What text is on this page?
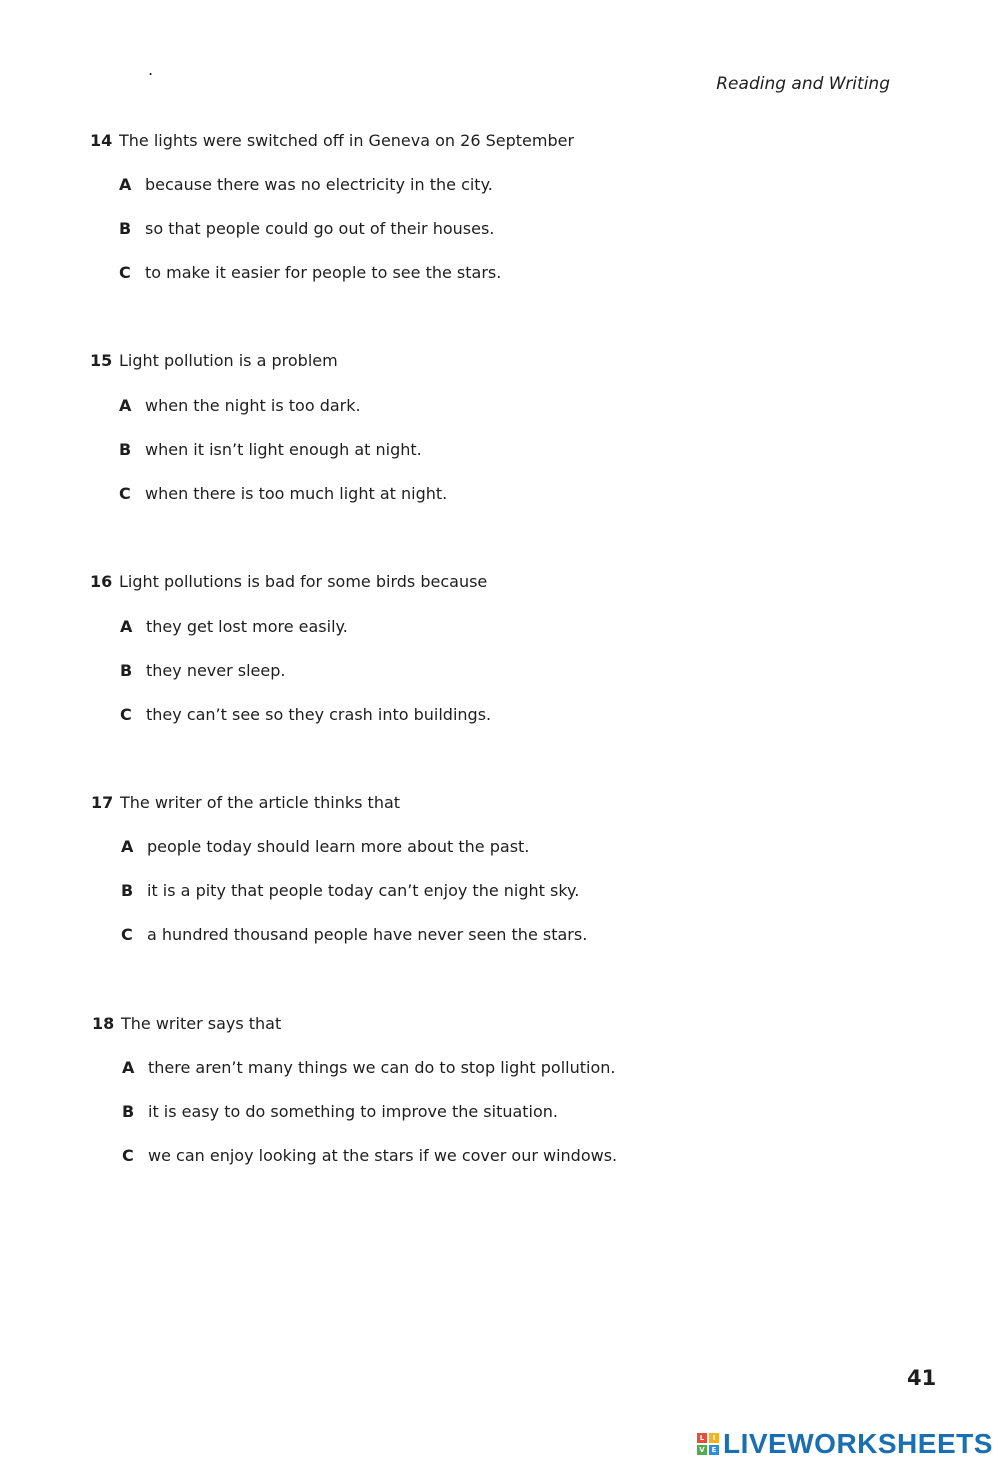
.
Reading and Writing
14 The lights were switched off in Geneva on 26 September
A because there was no electricity in the city.
B so that people could go out of their houses.
C to make it easier for people to see the stars.
15 Light pollution is a problem
A when the night is too dark.
B when it isn’t light enough at night.
C when there is too much light at night.
16 Light pollutions is bad for some birds because
A they get lost more easily.
B they never sleep.
C they can’t see so they crash into buildings.
17 The writer of the article thinks that
A people today should learn more about the past.
B it is a pity that people today can’t enjoy the night sky.
C a hundred thousand people have never seen the stars.
18 The writer says that
A there aren’t many things we can do to stop light pollution.
B it is easy to do something to improve the situation.
C we can enjoy looking at the stars if we cover our windows.
41
L	I
V E LIVEWORKSHEETS
